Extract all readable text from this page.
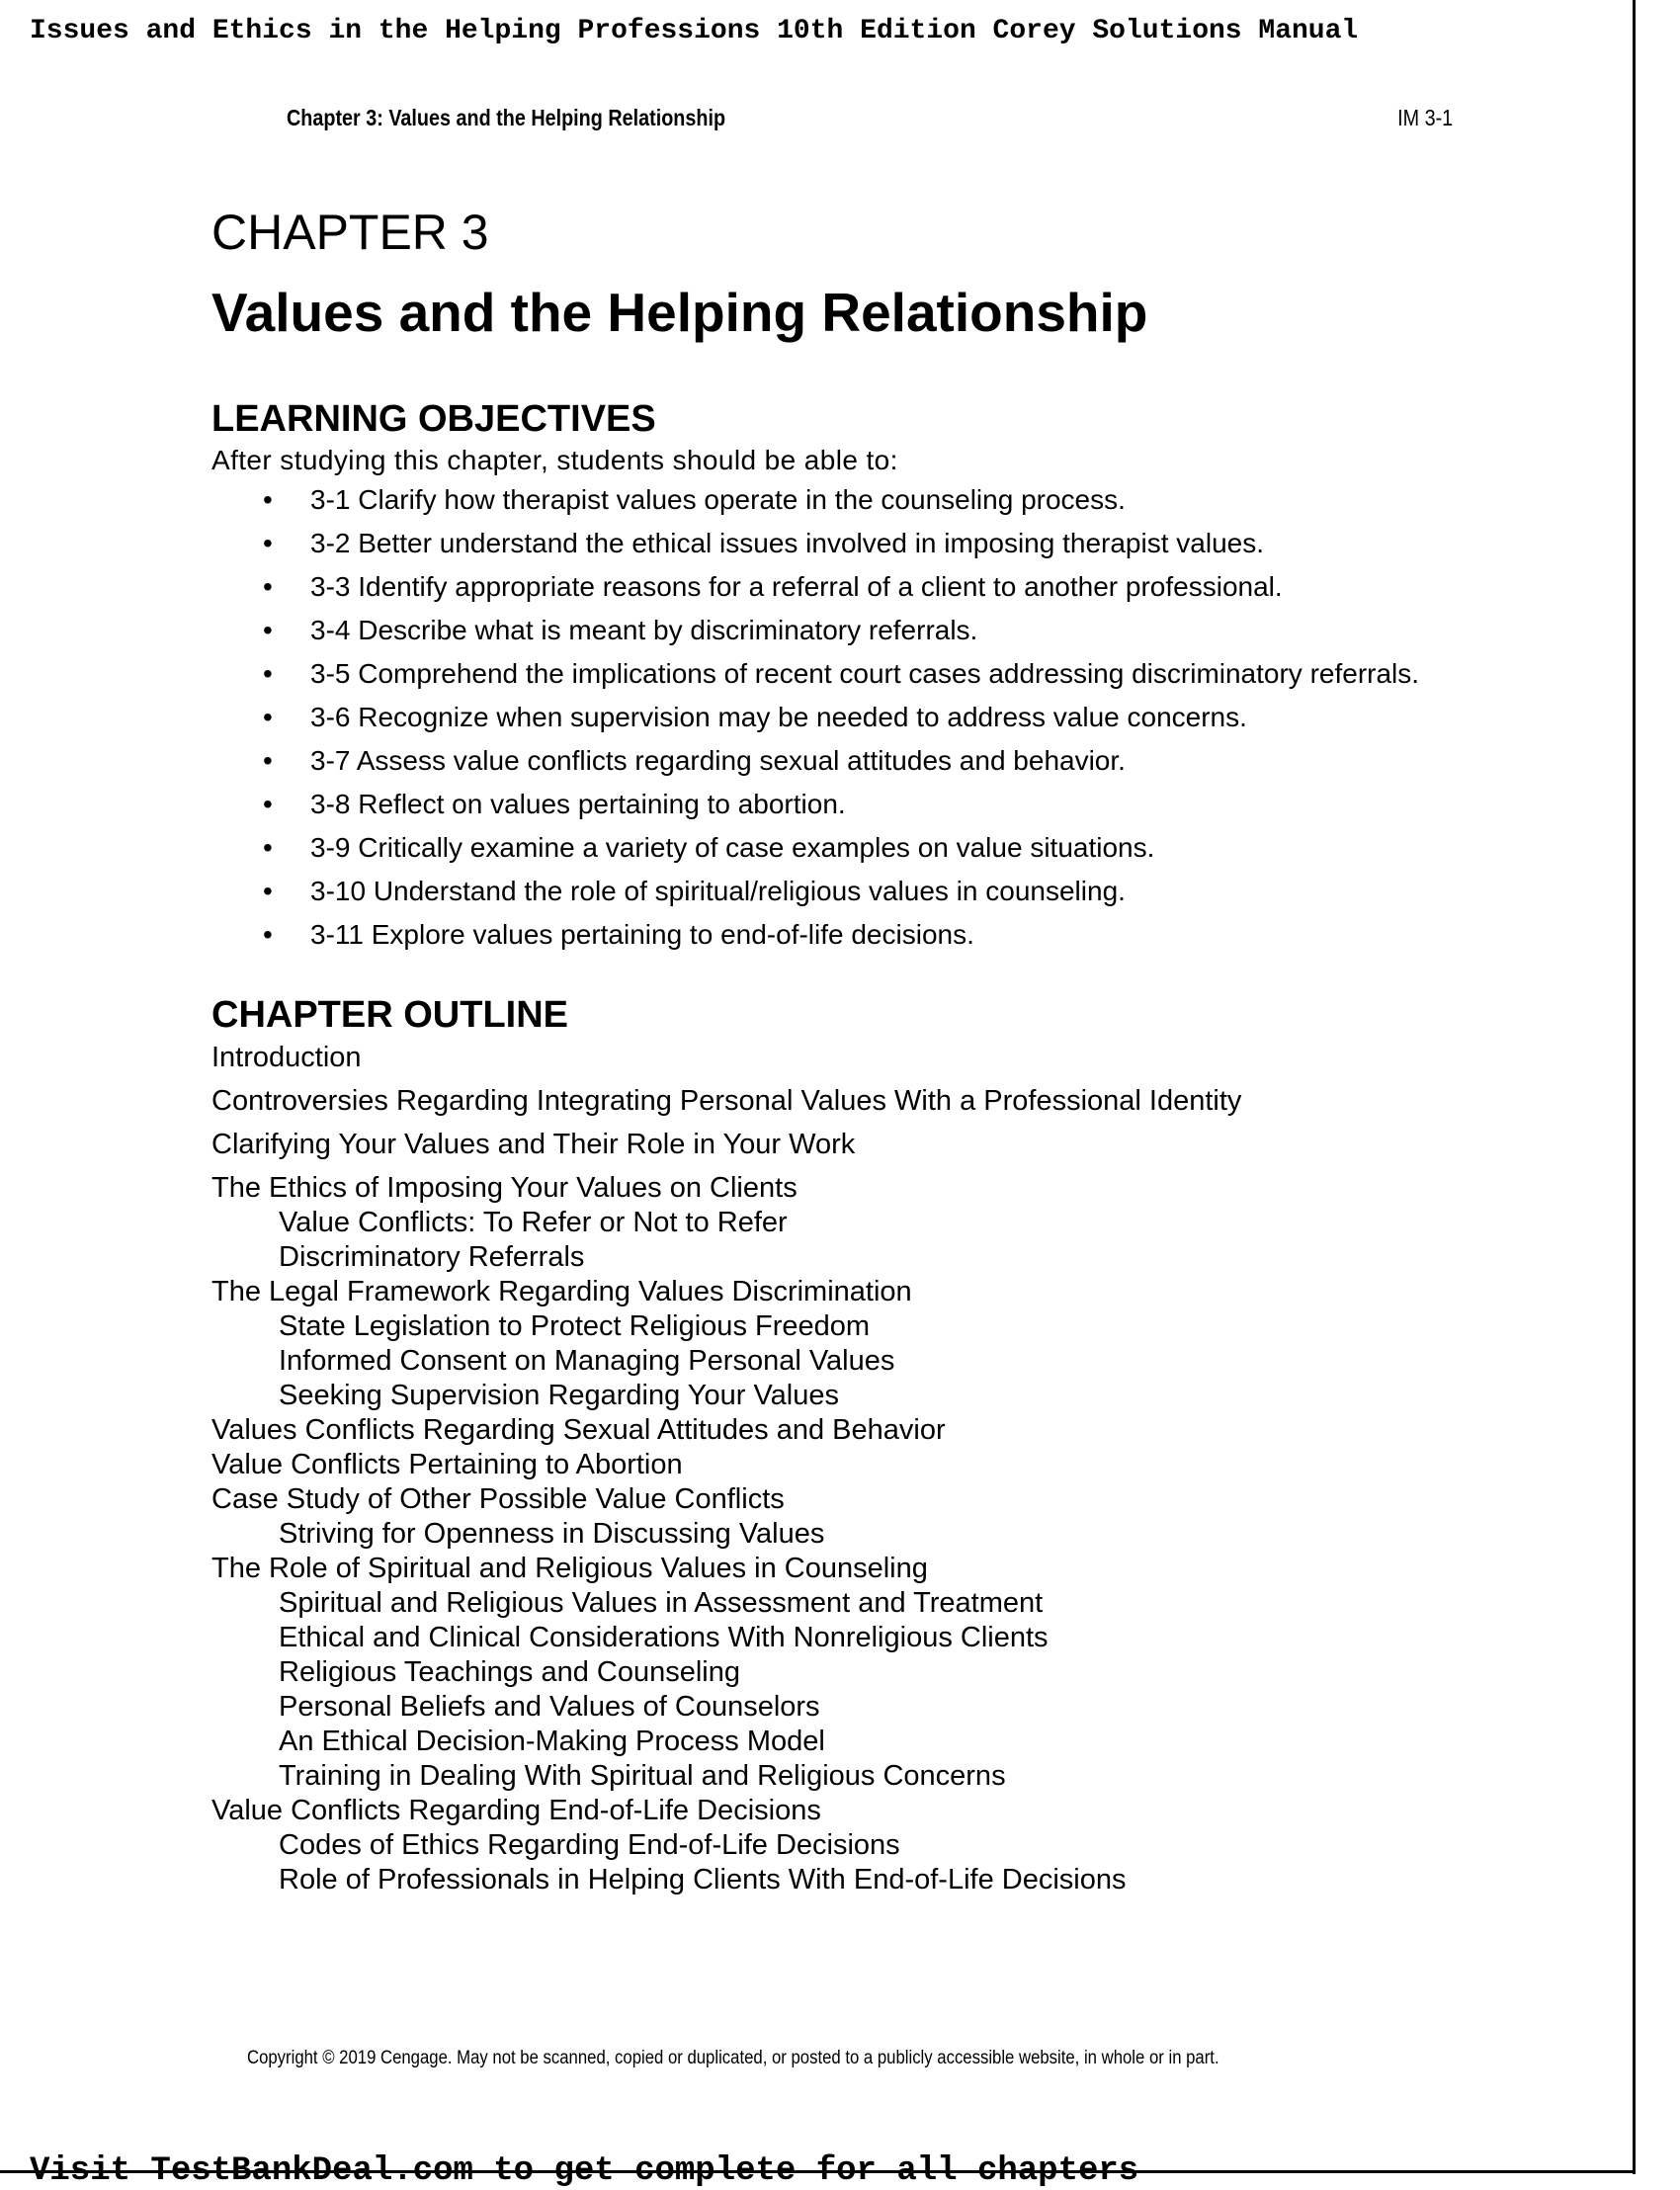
Issues and Ethics in the Helping Professions 10th Edition Corey Solutions Manual
Chapter 3: Values and the Helping Relationship	IM 3-1
CHAPTER 3
Values and the Helping Relationship
LEARNING OBJECTIVES

After studying this chapter, students should be able to:

• 3-1 Clarify how therapist values operate in the counseling process.
• 3-2 Better understand the ethical issues involved in imposing therapist values.
• 3-3 Identify appropriate reasons for a referral of a client to another professional.
• 3-4 Describe what is meant by discriminatory referrals.
• 3-5 Comprehend the implications of recent court cases addressing discriminatory referrals.
• 3-6 Recognize when supervision may be needed to address value concerns.
• 3-7 Assess value conflicts regarding sexual attitudes and behavior.
• 3-8 Reflect on values pertaining to abortion.
• 3-9 Critically examine a variety of case examples on value situations.
• 3-10 Understand the role of spiritual/religious values in counseling.
• 3-11 Explore values pertaining to end-of-life decisions.
CHAPTER OUTLINE
Introduction
Controversies Regarding Integrating Personal Values With a Professional Identity
Clarifying Your Values and Their Role in Your Work
The Ethics of Imposing Your Values on Clients
Value Conflicts: To Refer or Not to Refer
Discriminatory Referrals
The Legal Framework Regarding Values Discrimination
State Legislation to Protect Religious Freedom
Informed Consent on Managing Personal Values
Seeking Supervision Regarding Your Values
Values Conflicts Regarding Sexual Attitudes and Behavior
Value Conflicts Pertaining to Abortion
Case Study of Other Possible Value Conflicts
Striving for Openness in Discussing Values
The Role of Spiritual and Religious Values in Counseling
Spiritual and Religious Values in Assessment and Treatment
Ethical and Clinical Considerations With Nonreligious Clients
Religious Teachings and Counseling
Personal Beliefs and Values of Counselors
An Ethical Decision-Making Process Model
Training in Dealing With Spiritual and Religious Concerns
Value Conflicts Regarding End-of-Life Decisions
Codes of Ethics Regarding End-of-Life Decisions
Role of Professionals in Helping Clients With End-of-Life Decisions
Copyright © 2019 Cengage. May not be scanned, copied or duplicated, or posted to a publicly accessible website, in whole or in part.
Visit TestBankDeal.com to get complete for all chapters
